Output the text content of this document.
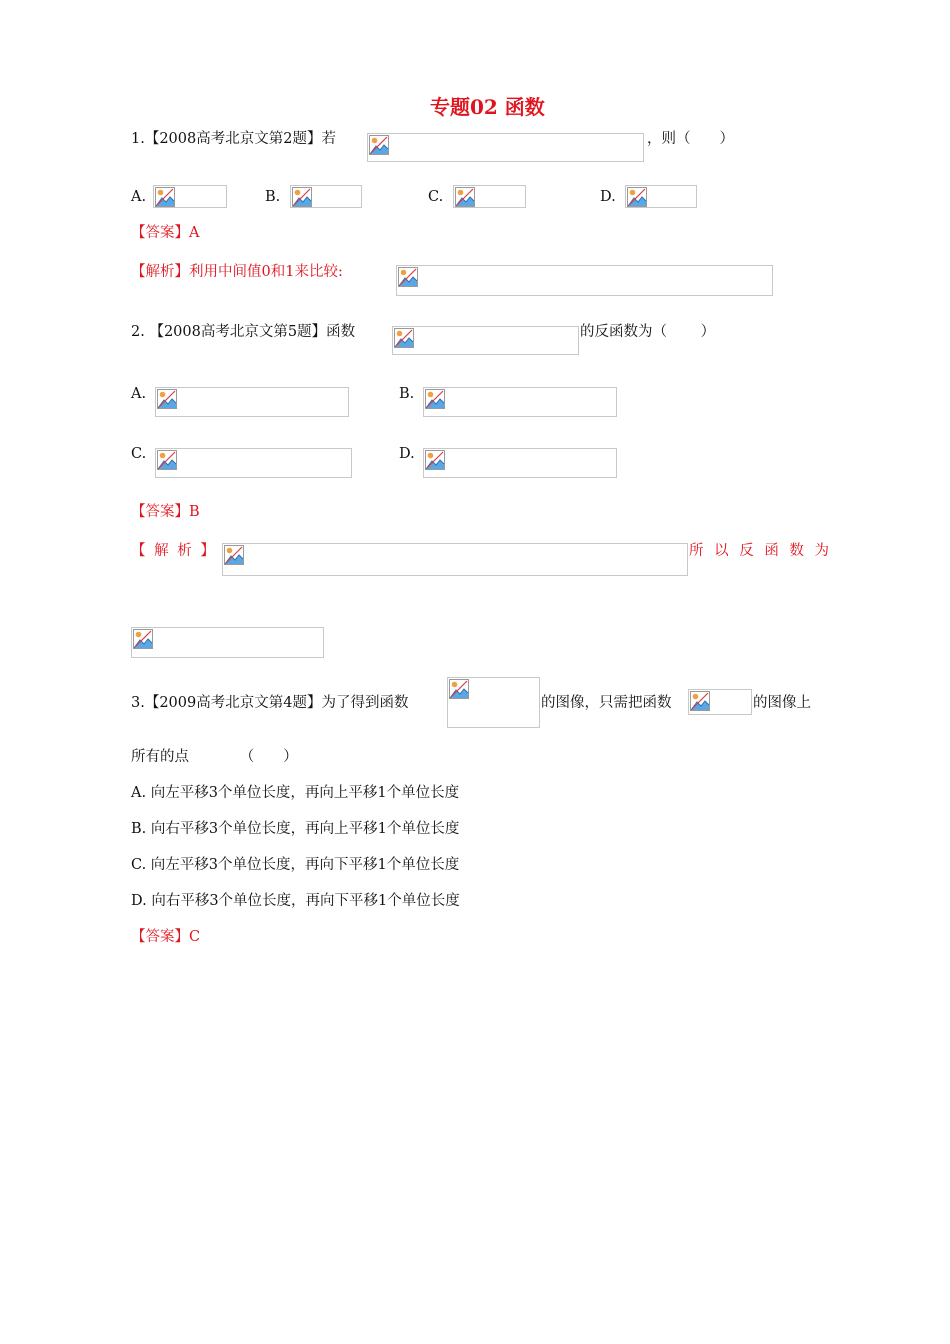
专题02 函数
1.【2008高考北京文第2题】若	，则（　　）
A.	B.	C.	D.
【答案】A
【解析】利用中间值0和1来比较:
2. 【2008高考北京文第5题】函数	的反函数为（　　 ）
A.	B.
C.	D.
【答案】B
【 解 析 】	所 以 反 函 数 为
3.【2009高考北京文第4题】为了得到函数	的图像，只需把函数	的图像上
所有的点　　　　（　　）
A. 向左平移3个单位长度，再向上平移1个单位长度
B. 向右平移3个单位长度，再向上平移1个单位长度
C. 向左平移3个单位长度，再向下平移1个单位长度
D. 向右平移3个单位长度，再向下平移1个单位长度
【答案】C
